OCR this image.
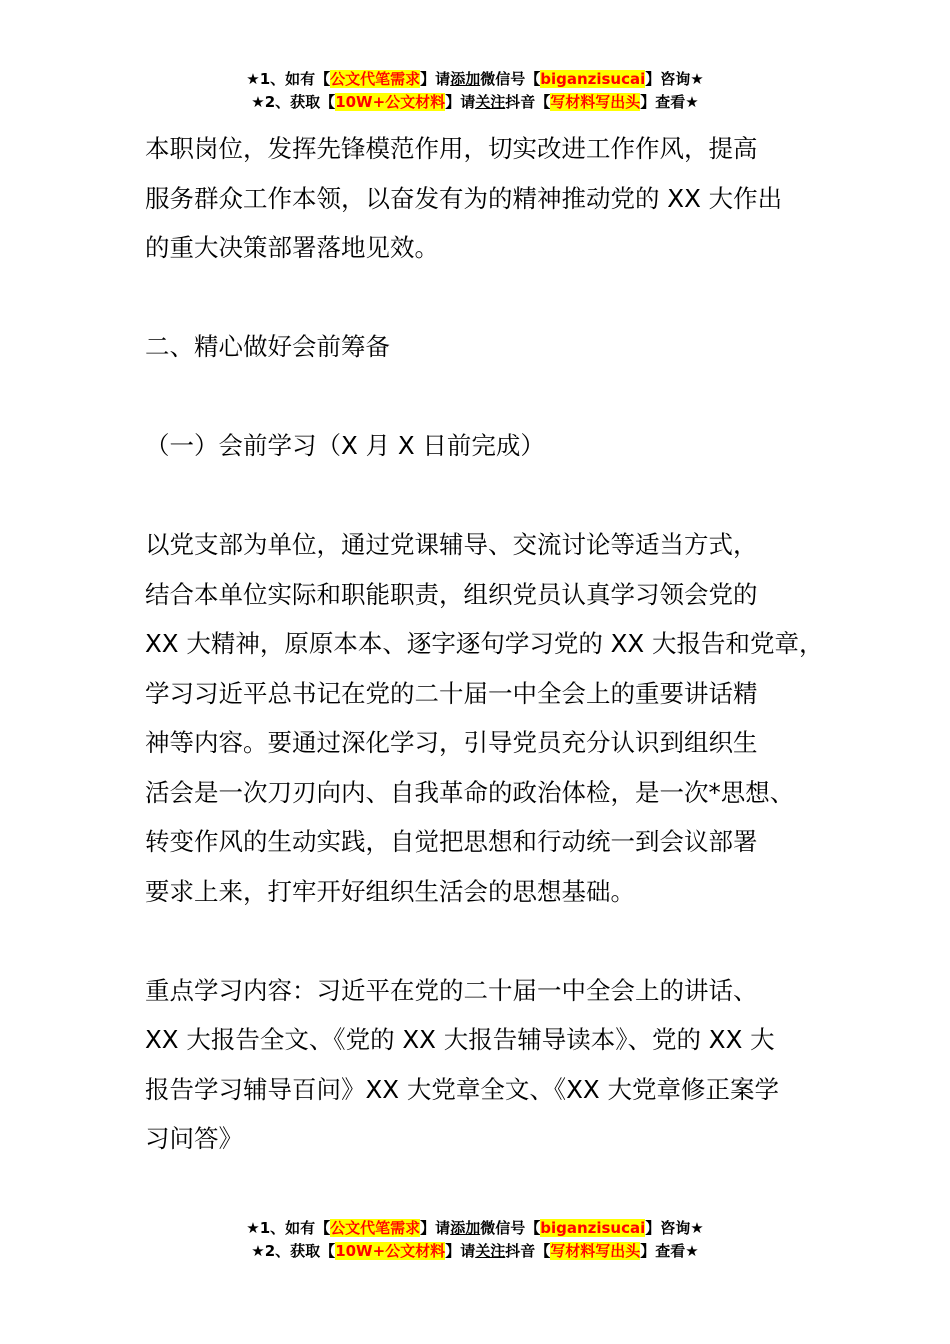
★1、如有【公文代笔需求】请添加微信号【biganzisucai】咨询★
★2、获取【10W+公文材料】请关注抖音【写材料写出头】查看★

本职岗位，发挥先锋模范作用，切实改进工作作风，提高

服务群众工作本领，以奋发有为的精神推动党的 XX 大作出

的重大决策部署落地见效。

二、精心做好会前筹备

（一）会前学习（X 月 X 日前完成）

以党支部为单位，通过党课辅导、交流讨论等适当方式，

结合本单位实际和职能职责，组织党员认真学习领会党的

XX 大精神，原原本本、逐字逐句学习党的 XX 大报告和党章，

学习习近平总书记在党的二十届一中全会上的重要讲话精

神等内容。要通过深化学习，引导党员充分认识到组织生

活会是一次刀刃向内、自我革命的政治体检，是一次*思想、

转变作风的生动实践，自觉把思想和行动统一到会议部署

要求上来，打牢开好组织生活会的思想基础。

重点学习内容：习近平在党的二十届一中全会上的讲话、

XX 大报告全文、《党的 XX 大报告辅导读本》、党的 XX 大

报告学习辅导百问》XX 大党章全文、《XX 大党章修正案学

习问答》

★1、如有【公文代笔需求】请添加微信号【biganzisucai】咨询★
★2、获取【10W+公文材料】请关注抖音【写材料写出头】查看★
